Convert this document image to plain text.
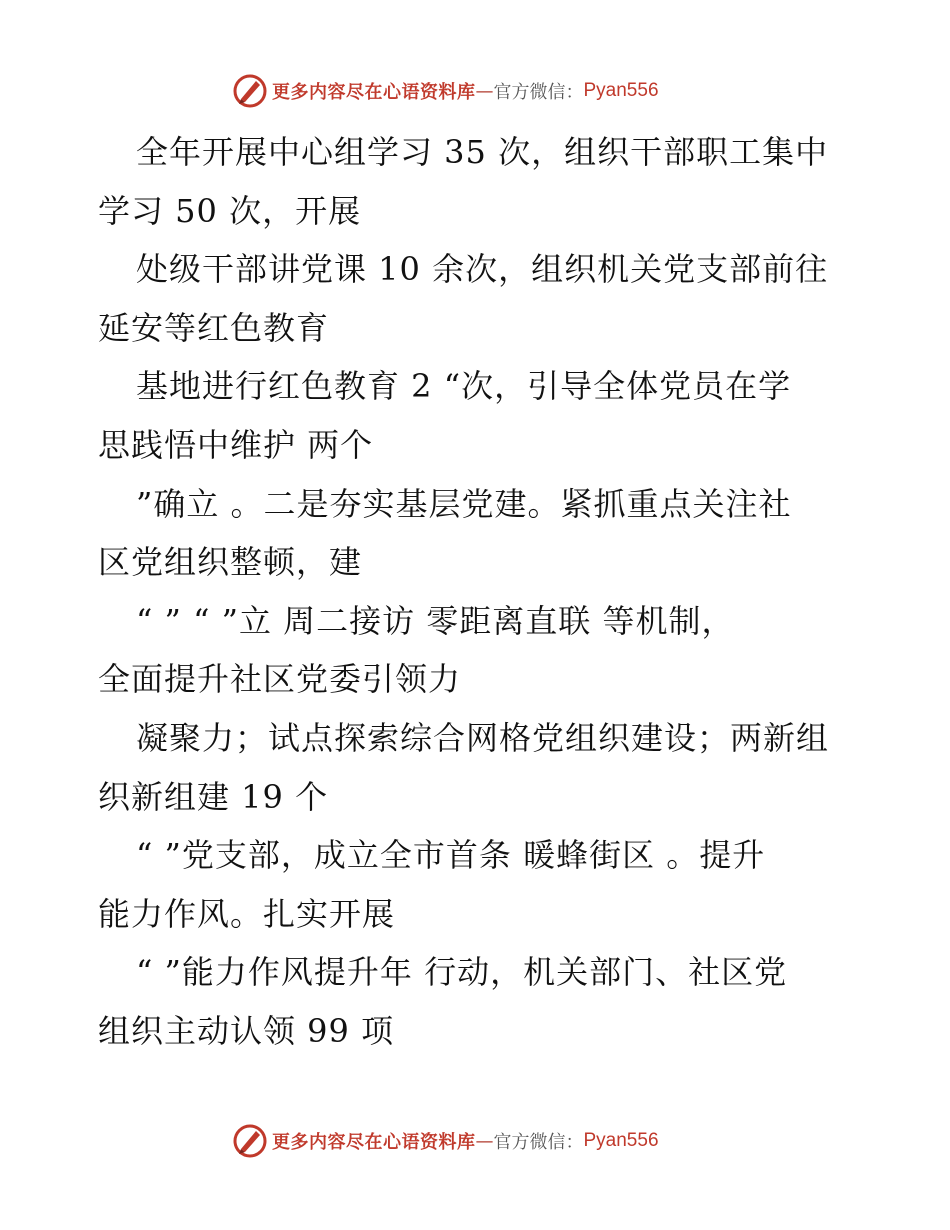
更多内容尽在心语资料库 — 官方微信： Pyan556
全年开展中心组学习 35 次，组织干部职工集中
学习 50 次，开展
处级干部讲党课 10 余次，组织机关党支部前往
延安等红色教育
基地进行红色教育 2 “次，引导全体党员在学
思践悟中维护 两个
”确立 。二是夯实基层党建。紧抓重点关注社
区党组织整顿，建
“ ” “ ”立 周二接访 零距离直联 等机制，
全面提升社区党委引领力
凝聚力；试点探索综合网格党组织建设；两新组
织新组建 19 个
“ ”党支部，成立全市首条 暖蜂街区 。提升
能力作风。扎实开展
“ ”能力作风提升年 行动，机关部门、社区党
组织主动认领 99 项
更多内容尽在心语资料库 — 官方微信： Pyan556
